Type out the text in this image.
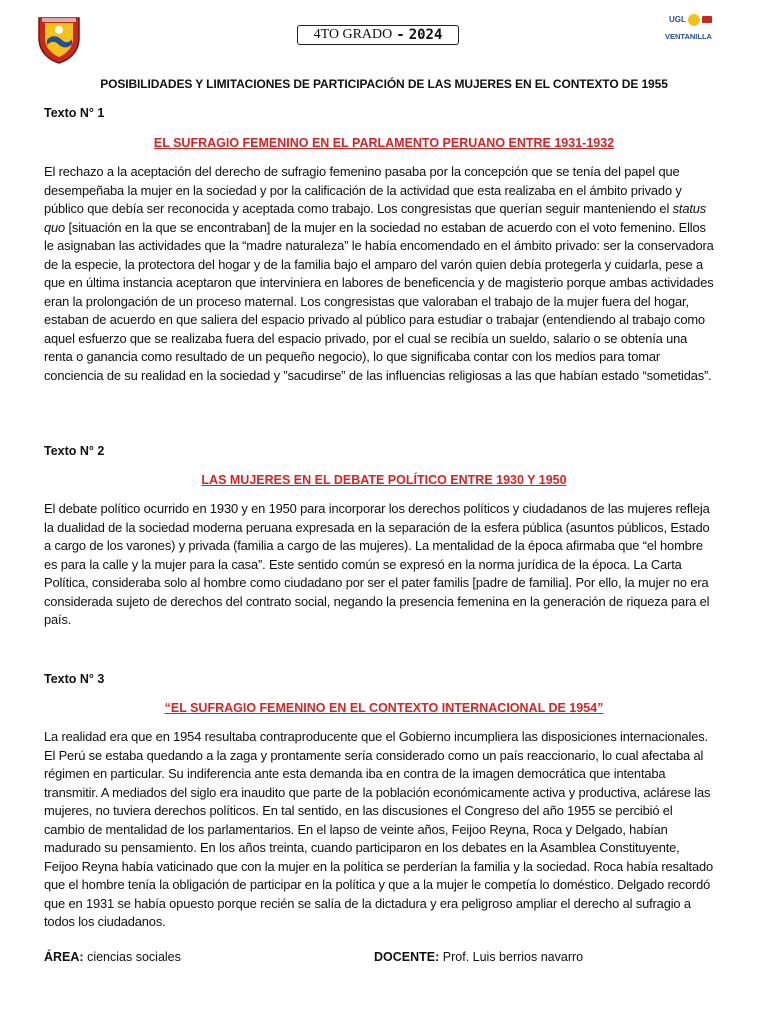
UGL
VENTANILLA
4TO GRADO - 2024
POSIBILIDADES Y LIMITACIONES DE PARTICIPACIÓN DE LAS MUJERES EN EL CONTEXTO DE 1955
Texto N° 1
EL SUFRAGIO FEMENINO EN EL PARLAMENTO PERUANO ENTRE 1931-1932

El rechazo a la aceptación del derecho de sufragio femenino pasaba por la concepción que se tenía del papel que desempeñaba la mujer en la sociedad y por la calificación de la actividad que esta realizaba en el ámbito privado y público que debía ser reconocida y aceptada como trabajo. Los congresistas que querían seguir manteniendo el status quo [situación en la que se encontraban] de la mujer en la sociedad no estaban de acuerdo con el voto femenino. Ellos le asignaban las actividades que la “madre naturaleza” le había encomendado en el ámbito privado: ser la conservadora de la especie, la protectora del hogar y de la familia bajo el amparo del varón quien debía protegerla y cuidarla, pese a que en última instancia aceptaron que interviniera en labores de beneficencia y de magisterio porque ambas actividades eran la prolongación de un proceso maternal. Los congresistas que valoraban el trabajo de la mujer fuera del hogar, estaban de acuerdo en que saliera del espacio privado al público para estudiar o trabajar (entendiendo al trabajo como aquel esfuerzo que se realizaba fuera del espacio privado, por el cual se recibía un sueldo, salario o se obtenía una renta o ganancia como resultado de un pequeño negocio), lo que significaba contar con los medios para tomar conciencia de su realidad en la sociedad y ”sacudirse” de las influencias religiosas a las que habían estado “sometidas”.

Texto N° 2
LAS MUJERES EN EL DEBATE POLÍTICO ENTRE 1930 Y 1950

El debate político ocurrido en 1930 y en 1950 para incorporar los derechos políticos y ciudadanos de las mujeres refleja la dualidad de la sociedad moderna peruana expresada en la separación de la esfera pública (asuntos públicos, Estado a cargo de los varones) y privada (familia a cargo de las mujeres). La mentalidad de la época afirmaba que “el hombre es para la calle y la mujer para la casa”. Este sentido común se expresó en la norma jurídica de la época. La Carta Política, consideraba solo al hombre como ciudadano por ser el pater familis [padre de familia]. Por ello, la mujer no era considerada sujeto de derechos del contrato social, negando la presencia femenina en la generación de riqueza para el país.

Texto N° 3
“EL SUFRAGIO FEMENINO EN EL CONTEXTO INTERNACIONAL DE 1954”

La realidad era que en 1954 resultaba contraproducente que el Gobierno incumpliera las disposiciones internacionales. El Perú se estaba quedando a la zaga y prontamente sería considerado como un país reaccionario, lo cual afectaba al régimen en particular. Su indiferencia ante esta demanda iba en contra de la imagen democrática que intentaba transmitir. A mediados del siglo era inaudito que parte de la población económicamente activa y productiva, aclárese las mujeres, no tuviera derechos políticos. En tal sentido, en las discusiones el Congreso del año 1955 se percibió el cambio de mentalidad de los parlamentarios. En el lapso de veinte años, Feijoo Reyna, Roca y Delgado, habían madurado su pensamiento. En los años treinta, cuando participaron en los debates en la Asamblea Constituyente, Feijoo Reyna había vaticinado que con la mujer en la política se perderían la familia y la sociedad. Roca había resaltado que el hombre tenía la obligación de participar en la política y que a la mujer le competía lo doméstico. Delgado recordó que en 1931 se había opuesto porque recién se salía de la dictadura y era peligroso ampliar el derecho al sufragio a todos los ciudadanos.

ÁREA: ciencias sociales	DOCENTE: Prof. Luis berrios navarro
